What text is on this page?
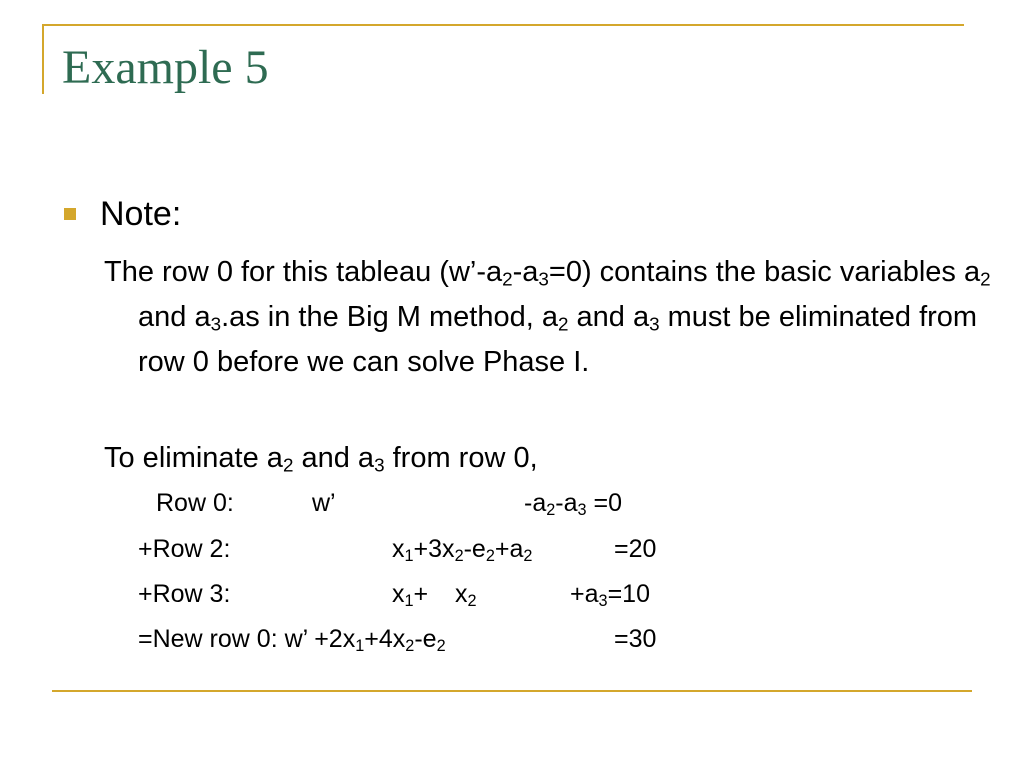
Example 5
Note:
The row 0 for this tableau $(w’-a_2-a_3=0)$ contains the basic variables $a_2$ and $a_3.as$ in the Big M method, $a_2$ and $a_3$ must be eliminated from row 0 before we can solve Phase I.
To eliminate $a_2$ and $a_3$ from row 0,
Row 0:	w’	$-a_2-a_3 =0$
+Row 2:	$x_1+3x_2-e_2+a_2$	=20
+Row 3:	$x_1+ x_2$	$+a_3=10$
=New row 0: w’ $+2x_1+4x_2-e_2$	=30
